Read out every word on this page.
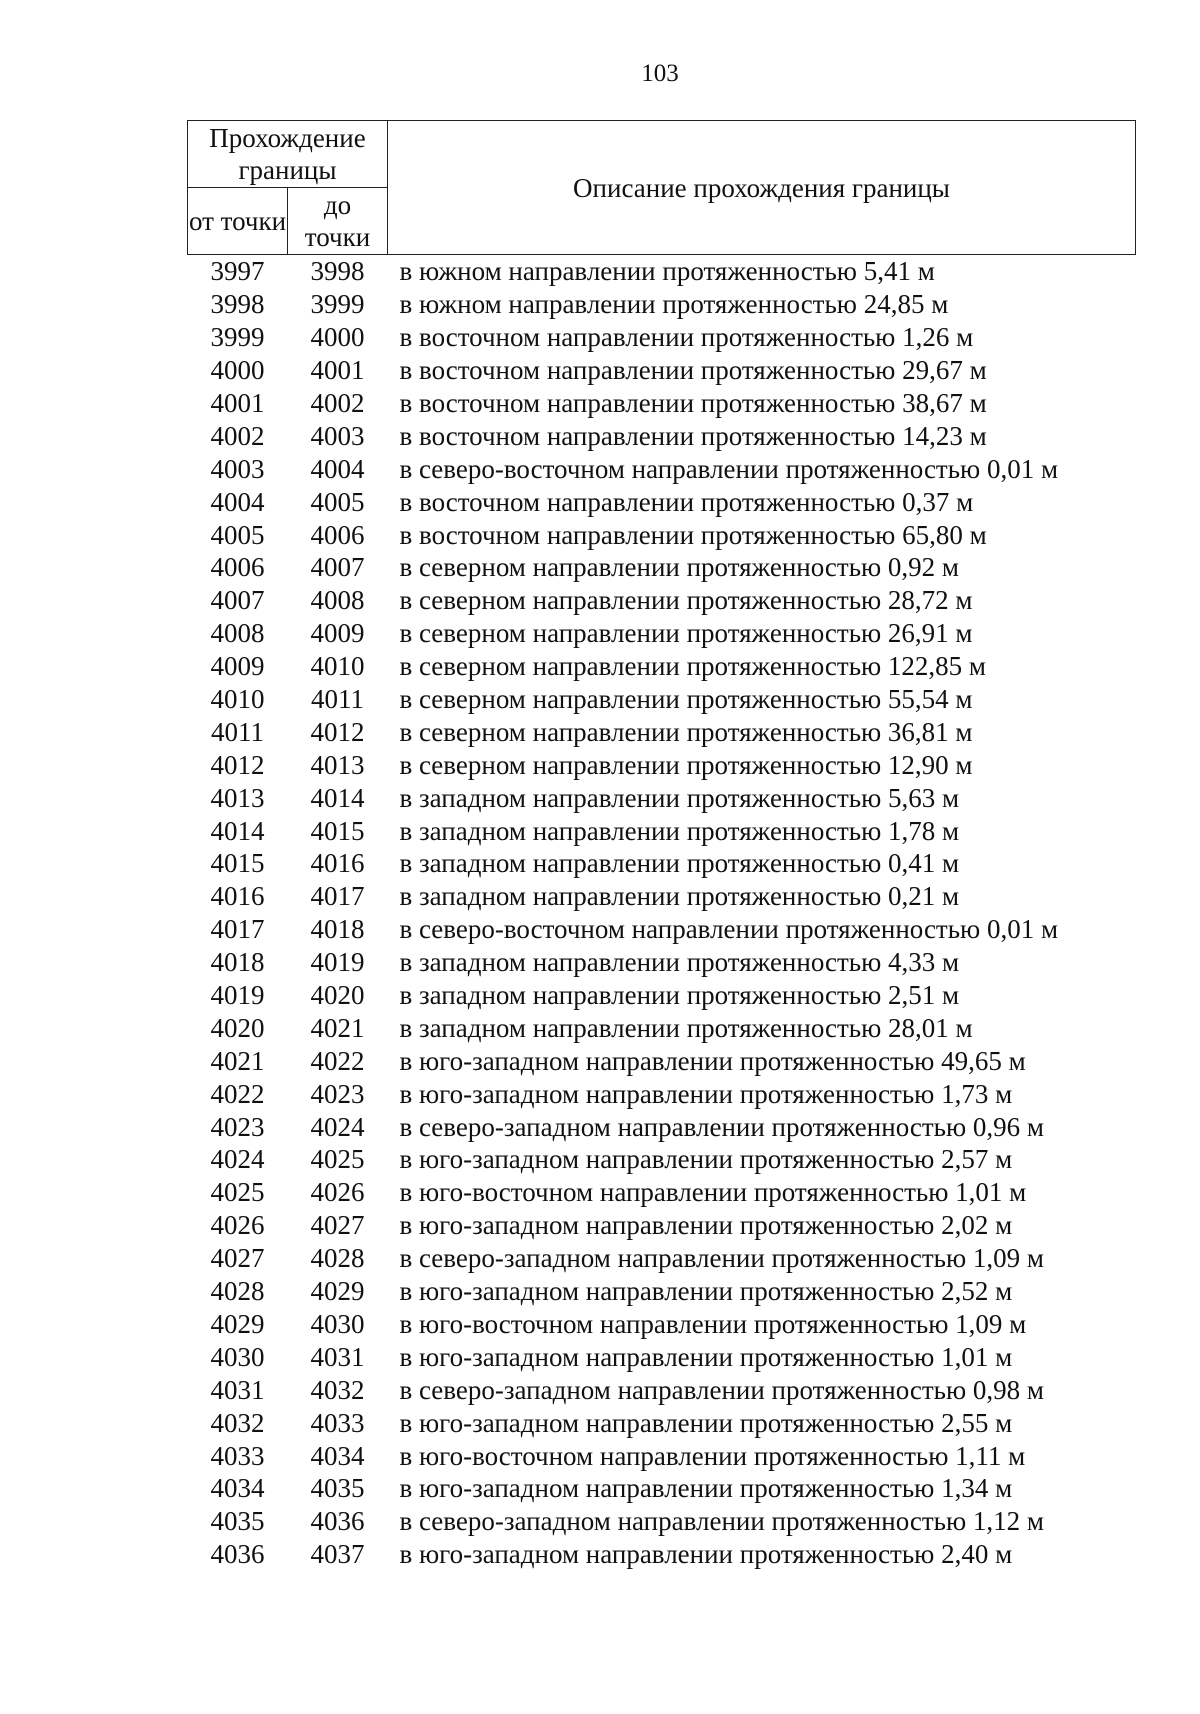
103
Прохождение границы		Описание прохождения границы
от точки	до точки	
3997	3998	в южном направлении протяженностью 5,41 м
3998	3999	в южном направлении протяженностью 24,85 м
3999	4000	в восточном направлении протяженностью 1,26 м
4000	4001	в восточном направлении протяженностью 29,67 м
4001	4002	в восточном направлении протяженностью 38,67 м
4002	4003	в восточном направлении протяженностью 14,23 м
4003	4004	в северо-восточном направлении протяженностью 0,01 м
4004	4005	в восточном направлении протяженностью 0,37 м
4005	4006	в восточном направлении протяженностью 65,80 м
4006	4007	в северном направлении протяженностью 0,92 м
4007	4008	в северном направлении протяженностью 28,72 м
4008	4009	в северном направлении протяженностью 26,91 м
4009	4010	в северном направлении протяженностью 122,85 м
4010	4011	в северном направлении протяженностью 55,54 м
4011	4012	в северном направлении протяженностью 36,81 м
4012	4013	в северном направлении протяженностью 12,90 м
4013	4014	в западном направлении протяженностью 5,63 м
4014	4015	в западном направлении протяженностью 1,78 м
4015	4016	в западном направлении протяженностью 0,41 м
4016	4017	в западном направлении протяженностью 0,21 м
4017	4018	в северо-восточном направлении протяженностью 0,01 м
4018	4019	в западном направлении протяженностью 4,33 м
4019	4020	в западном направлении протяженностью 2,51 м
4020	4021	в западном направлении протяженностью 28,01 м
4021	4022	в юго-западном направлении протяженностью 49,65 м
4022	4023	в юго-западном направлении протяженностью 1,73 м
4023	4024	в северо-западном направлении протяженностью 0,96 м
4024	4025	в юго-западном направлении протяженностью 2,57 м
4025	4026	в юго-восточном направлении протяженностью 1,01 м
4026	4027	в юго-западном направлении протяженностью 2,02 м
4027	4028	в северо-западном направлении протяженностью 1,09 м
4028	4029	в юго-западном направлении протяженностью 2,52 м
4029	4030	в юго-восточном направлении протяженностью 1,09 м
4030	4031	в юго-западном направлении протяженностью 1,01 м
4031	4032	в северо-западном направлении протяженностью 0,98 м
4032	4033	в юго-западном направлении протяженностью 2,55 м
4033	4034	в юго-восточном направлении протяженностью 1,11 м
4034	4035	в юго-западном направлении протяженностью 1,34 м
4035	4036	в северо-западном направлении протяженностью 1,12 м
4036	4037	в юго-западном направлении протяженностью 2,40 м
